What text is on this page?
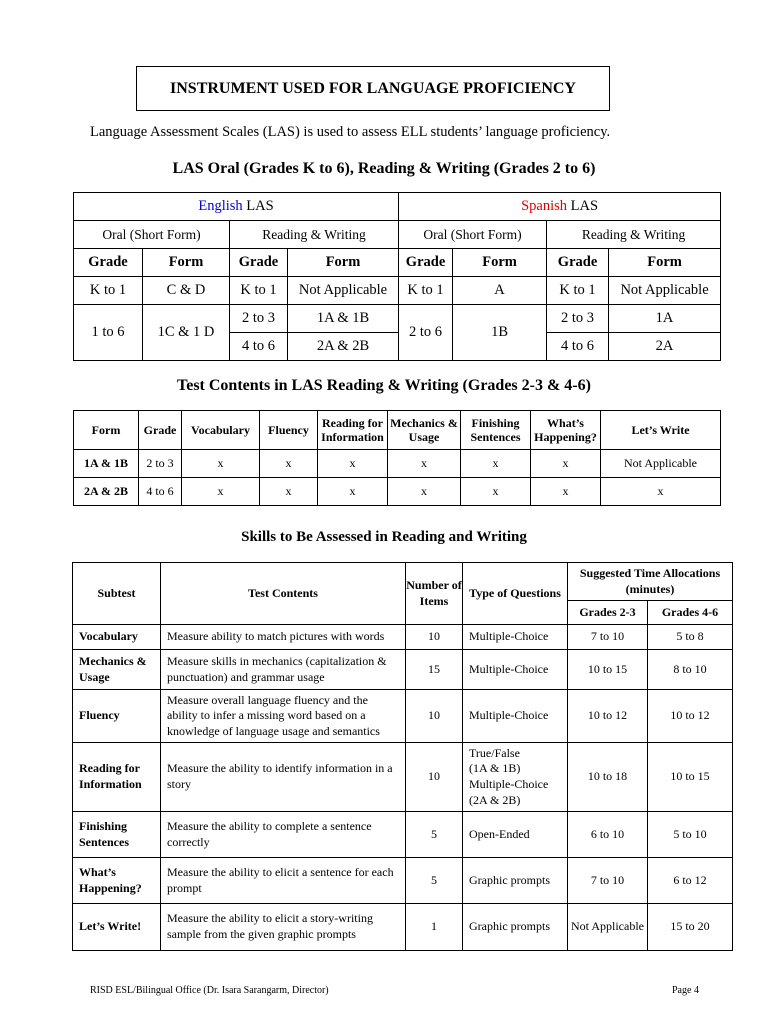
INSTRUMENT USED FOR LANGUAGE PROFICIENCY
Language Assessment Scales (LAS) is used to assess ELL students’ language proficiency.
LAS Oral (Grades K to 6), Reading & Writing (Grades 2 to 6)
English LAS				Spanish LAS			
Oral (Short Form)		Reading & Writing		Oral (Short Form)		Reading & Writing	
Grade	Form	Grade	Form	Grade	Form	Grade	Form
K to 1	C & D	K to 1	Not Applicable	K to 1	A	K to 1	Not Applicable
1 to 6	1C & 1 D	2 to 3	1A & 1B	2 to 6	1B	2 to 3	1A
		4 to 6	2A & 2B			4 to 6	2A
Test Contents in LAS Reading & Writing (Grades 2-3 & 4-6)
Form	Grade	Vocabulary	Fluency	Reading for Information	Mechanics & Usage	Finishing Sentences	What’s Happening?	Let’s Write
1A & 1B	2 to 3	x	x	x	x	x	x	Not Applicable
2A & 2B	4 to 6	x	x	x	x	x	x	x
Skills to Be Assessed in Reading and Writing
Subtest	Test Contents	Number of Items	Type of Questions	Suggested Time Allocations (minutes)	
				Grades 2-3	Grades 4-6
Vocabulary	Measure ability to match pictures with words	10	Multiple-Choice	7 to 10	5 to 8
Mechanics & Usage	Measure skills in mechanics (capitalization & punctuation) and grammar usage	15	Multiple-Choice	10 to 15	8 to 10
Fluency	Measure overall language fluency and the ability to infer a missing word based on a knowledge of language usage and semantics	10	Multiple-Choice	10 to 12	10 to 12
Reading for Information	Measure the ability to identify information in a story	10	True/False
(1A & 1B)
Multiple-Choice
(2A & 2B)	10 to 18	10 to 15
Finishing Sentences	Measure the ability to complete a sentence correctly	5	Open-Ended	6 to 10	5 to 10
What’s Happening?	Measure the ability to elicit a sentence for each prompt	5	Graphic prompts	7 to 10	6 to 12
Let’s Write!	Measure the ability to elicit a story-writing sample from the given graphic prompts	1	Graphic prompts	Not Applicable	15 to 20
RISD ESL/Bilingual Office (Dr. Isara Sarangarm, Director)	Page 4
